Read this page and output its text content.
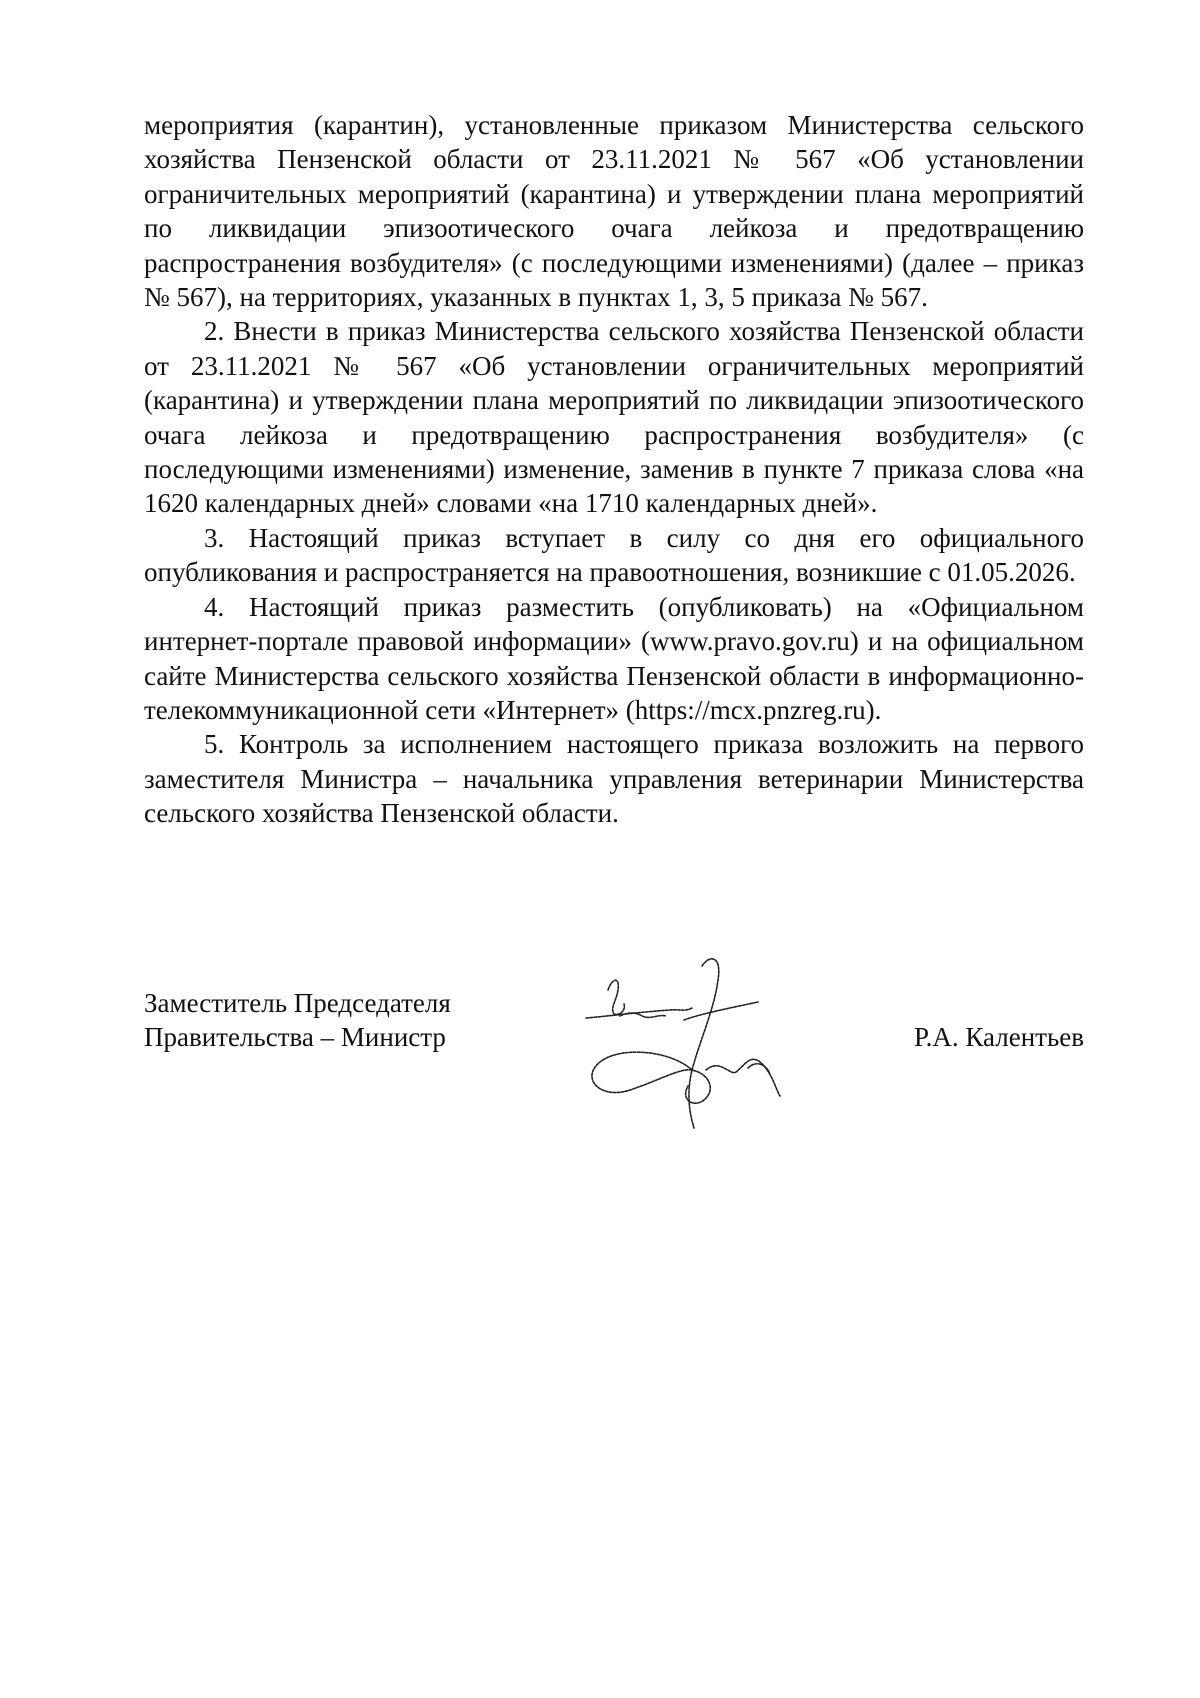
мероприятия (карантин), установленные приказом Министерства сельского хозяйства Пензенской области от 23.11.2021 № 567 «Об установлении ограничительных мероприятий (карантина) и утверждении плана мероприятий по ликвидации эпизоотического очага лейкоза и предотвращению распространения возбудителя» (с последующими изменениями) (далее – приказ № 567), на территориях, указанных в пунктах 1, 3, 5 приказа № 567.

2. Внести в приказ Министерства сельского хозяйства Пензенской области от 23.11.2021 № 567 «Об установлении ограничительных мероприятий (карантина) и утверждении плана мероприятий по ликвидации эпизоотического очага лейкоза и предотвращению распространения возбудителя» (с последующими изменениями) изменение, заменив в пункте 7 приказа слова «на 1620 календарных дней» словами «на 1710 календарных дней».

3. Настоящий приказ вступает в силу со дня его официального опубликования и распространяется на правоотношения, возникшие с 01.05.2026.

4. Настоящий приказ разместить (опубликовать) на «Официальном интернет-портале правовой информации» (www.pravo.gov.ru) и на официальном сайте Министерства сельского хозяйства Пензенской области в информационно-телекоммуникационной сети «Интернет» (https://mcx.pnzreg.ru).

5. Контроль за исполнением настоящего приказа возложить на первого заместителя Министра – начальника управления ветеринарии Министерства сельского хозяйства Пензенской области.

Заместитель Председателя
Правительства – Министр	Р.А. Калентьев
